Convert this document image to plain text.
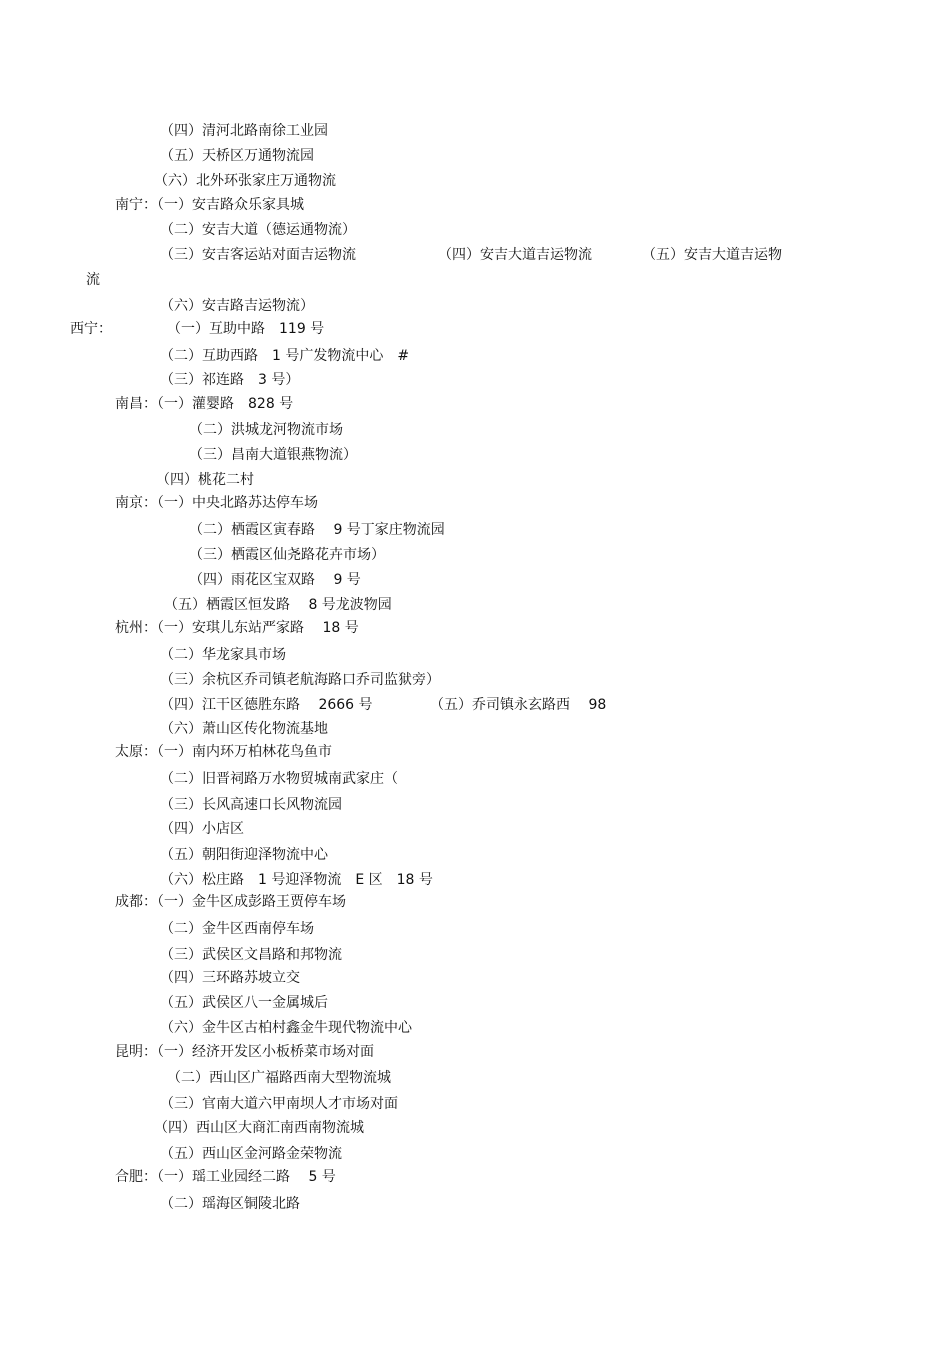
（四）清河北路南徐工业园
（五）天桥区万通物流园
（六）北外环张家庄万通物流
南宁：（一）安吉路众乐家具城
（二）安吉大道（德运通物流）
（三）安吉客运站对面吉运物流	（四）安吉大道吉运物流	（五）安吉大道吉运物
流
（六）安吉路吉运物流）
西宁：	（一）互助中路　119 号
（二）互助西路　1 号广发物流中心　#
（三）祁连路　3 号）
南昌：（一）灌婴路　828 号
（二）洪城龙河物流市场
（三）昌南大道银燕物流）
（四）桃花二村
南京：（一）中央北路苏达停车场
（二）栖霞区寅春路　 9 号丁家庄物流园
（三）栖霞区仙尧路花卉市场）
（四）雨花区宝双路　 9 号
（五）栖霞区恒发路　 8 号龙波物园
杭州：（一）安琪儿东站严家路　 18 号
（二）华龙家具市场
（三）余杭区乔司镇老航海路口乔司监狱旁）
（四）江干区德胜东路　 2666 号	（五）乔司镇永玄路西　 98
（六）萧山区传化物流基地
太原：（一）南内环万柏林花鸟鱼市
（二）旧晋祠路万水物贸城南武家庄（
（三）长风高速口长风物流园
（四）小店区
（五）朝阳街迎泽物流中心
（六）松庄路　1 号迎泽物流　E 区　18 号
成都：（一）金牛区成彭路王贾停车场
（二）金牛区西南停车场
（三）武侯区文昌路和邦物流
（四）三环路苏坡立交
（五）武侯区八一金属城后
（六）金牛区古柏村鑫金牛现代物流中心
昆明：（一）经济开发区小板桥菜市场对面
（二）西山区广福路西南大型物流城
（三）官南大道六甲南坝人才市场对面
（四）西山区大商汇南西南物流城
（五）西山区金河路金荣物流
合肥：（一）瑶工业园经二路　 5 号
（二）瑶海区铜陵北路
